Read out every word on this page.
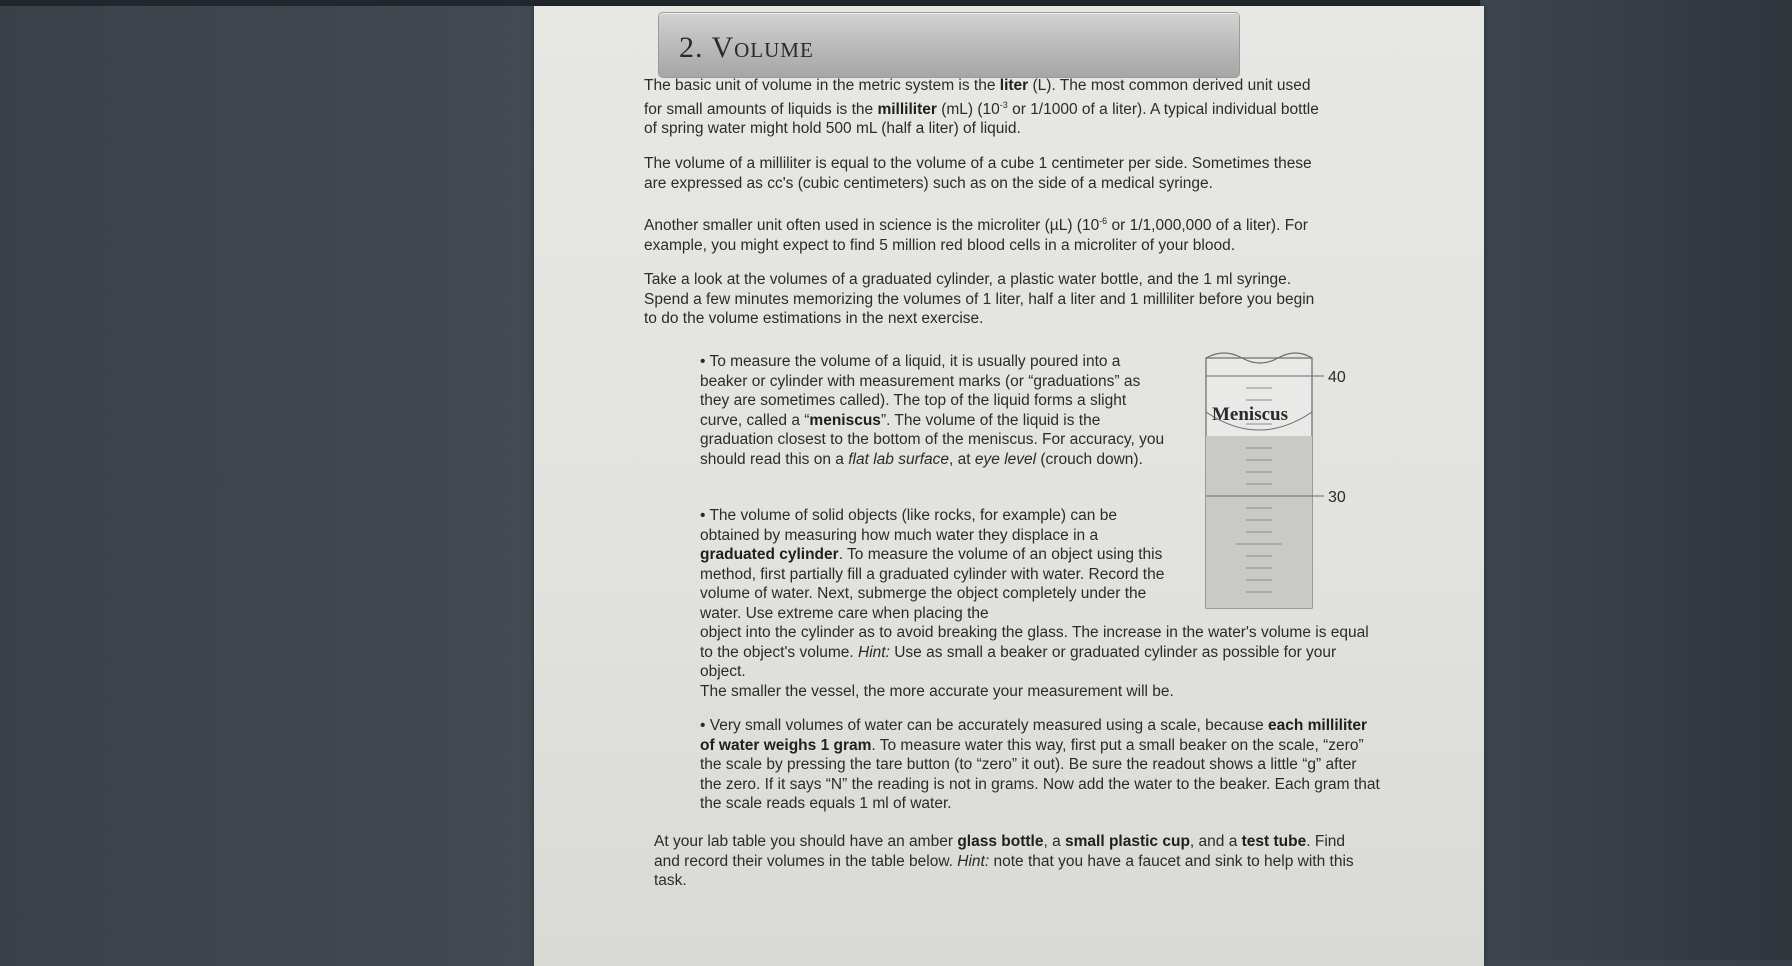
2. Volume
The basic unit of volume in the metric system is the liter (L). The most common derived unit used for small amounts of liquids is the milliliter (mL) ($10^{-3}$ or 1/1000 of a liter). A typical individual bottle of spring water might hold 500 mL (half a liter) of liquid.
The volume of a milliliter is equal to the volume of a cube 1 centimeter per side. Sometimes these are expressed as cc's (cubic centimeters) such as on the side of a medical syringe.
Another smaller unit often used in science is the microliter (µL) ($10^{-6}$ or 1/1,000,000 of a liter). For example, you might expect to find 5 million red blood cells in a microliter of your blood.
Take a look at the volumes of a graduated cylinder, a plastic water bottle, and the 1 ml syringe. Spend a few minutes memorizing the volumes of 1 liter, half a liter and 1 milliliter before you begin to do the volume estimations in the next exercise.
• To measure the volume of a liquid, it is usually poured into a beaker or cylinder with measurement marks (or “graduations” as they are sometimes called). The top of the liquid forms a slight curve, called a “meniscus”. The volume of the liquid is the graduation closest to the bottom of the meniscus. For accuracy, you should read this on a flat lab surface, at eye level (crouch down).
• The volume of solid objects (like rocks, for example) can be obtained by measuring how much water they displace in a graduated cylinder. To measure the volume of an object using this method, first partially fill a graduated cylinder with water. Record the volume of water. Next, submerge the object completely under the water. Use extreme care when placing the
object into the cylinder as to avoid breaking the glass. The increase in the water's volume is equal to the object's volume. Hint: Use as small a beaker or graduated cylinder as possible for your object.
The smaller the vessel, the more accurate your measurement will be.
• Very small volumes of water can be accurately measured using a scale, because each milliliter of water weighs 1 gram. To measure water this way, first put a small beaker on the scale, “zero” the scale by pressing the tare button (to “zero” it out). Be sure the readout shows a little “g” after the zero. If it says “N” the reading is not in grams. Now add the water to the beaker. Each gram that the scale reads equals 1 ml of water.
At your lab table you should have an amber glass bottle, a small plastic cup, and a test tube. Find and record their volumes in the table below. Hint: note that you have a faucet and sink to help with this task.
40
30
Meniscus
